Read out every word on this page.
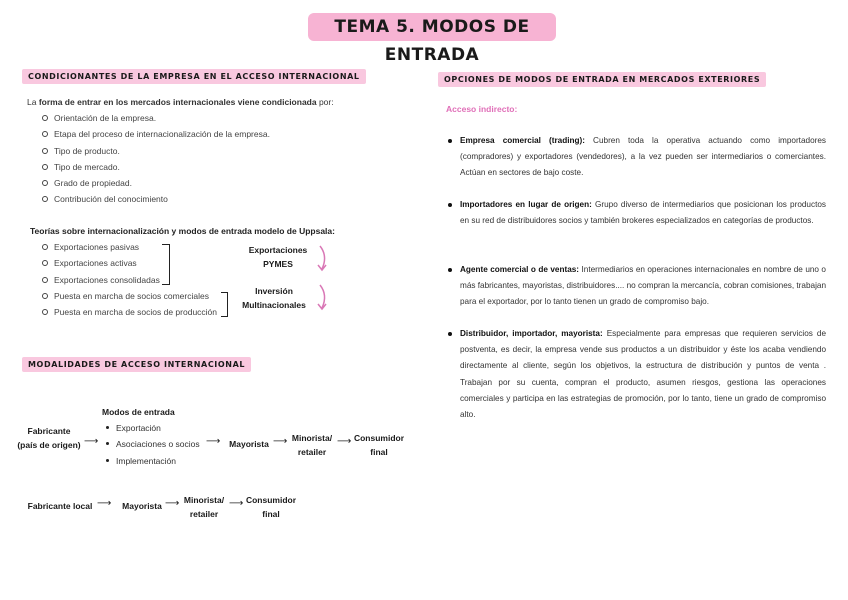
TEMA 5. MODOS DE ENTRADA
CONDICIONANTES DE LA EMPRESA EN EL ACCESO INTERNACIONAL
La forma de entrar en los mercados internacionales viene condicionada por:
Orientación de la empresa.
Etapa del proceso de internacionalización de la empresa.
Tipo de producto.
Tipo de mercado.
Grado de propiedad.
Contribución del conocimiento
Teorías sobre internacionalización y modos de entrada modelo de Uppsala:
Exportaciones pasivas
Exportaciones activas
Exportaciones consolidadas
Puesta en marcha de socios comerciales
Puesta en marcha de socios de producción
Exportaciones
PYMES
Inversión
Multinacionales
MODALIDADES DE ACCESO INTERNACIONAL
Fabricante
(país de origen) ⟶
Modos de entrada
Exportación
Asociaciones o socios
Implementación
⟶	Mayorista ⟶ Minorista/
retailer
⟶ Consumidor
final
Fabricante local ⟶	Mayorista ⟶ Minorista/
retailer
⟶ Consumidor
final
OPCIONES DE MODOS DE ENTRADA EN MERCADOS EXTERIORES
Acceso indirecto:
Empresa comercial (trading): Cubren toda la operativa actuando como importadores (compradores) y exportadores (vendedores), a la vez pueden ser intermediarios o comerciantes. Actúan en sectores de bajo coste.
Importadores en lugar de origen: Grupo diverso de intermediarios que posicionan los productos en su red de distribuidores socios y también brokeres especializados en categorías de productos.
Agente comercial o de ventas: Intermediarios en operaciones internacionales en nombre de uno o más fabricantes, mayoristas, distribuidores.... no compran la mercancía, cobran comisiones, trabajan para el exportador, por lo tanto tienen un grado de compromiso bajo.
Distribuidor, importador, mayorista: Especialmente para empresas que requieren servicios de postventa, es decir, la empresa vende sus productos a un distribuidor y éste los acaba vendiendo directamente al cliente, según los objetivos, la estructura de distribución y puntos de venta . Trabajan por su cuenta, compran el producto, asumen riesgos, gestiona las operaciones comerciales y participa en las estrategias de promoción, por lo tanto, tiene un grado de compromiso alto.
